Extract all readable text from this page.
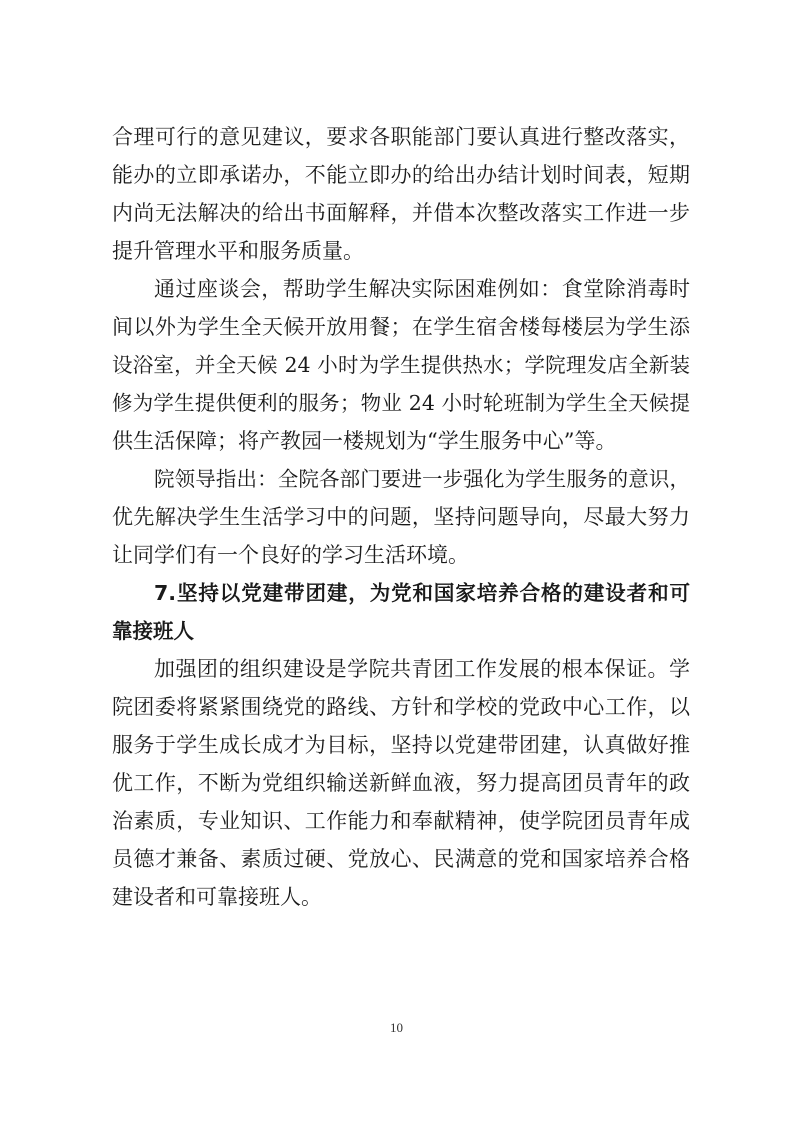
合理可行的意见建议，要求各职能部门要认真进行整改落实，
能办的立即承诺办，不能立即办的给出办结计划时间表，短期
内尚无法解决的给出书面解释，并借本次整改落实工作进一步
提升管理水平和服务质量。
通过座谈会，帮助学生解决实际困难例如：食堂除消毒时
间以外为学生全天候开放用餐；在学生宿舍楼每楼层为学生添
设浴室，并全天候 24 小时为学生提供热水；学院理发店全新装
修为学生提供便利的服务；物业 24 小时轮班制为学生全天候提
供生活保障；将产教园一楼规划为“学生服务中心”等。
院领导指出：全院各部门要进一步强化为学生服务的意识，
优先解决学生生活学习中的问题，坚持问题导向，尽最大努力
让同学们有一个良好的学习生活环境。
7.坚持以党建带团建，为党和国家培养合格的建设者和可
靠接班人
加强团的组织建设是学院共青团工作发展的根本保证。学
院团委将紧紧围绕党的路线、方针和学校的党政中心工作，以
服务于学生成长成才为目标，坚持以党建带团建，认真做好推
优工作，不断为党组织输送新鲜血液，努力提高团员青年的政
治素质，专业知识、工作能力和奉献精神，使学院团员青年成
员德才兼备、素质过硬、党放心、民满意的党和国家培养合格
建设者和可靠接班人。
10
